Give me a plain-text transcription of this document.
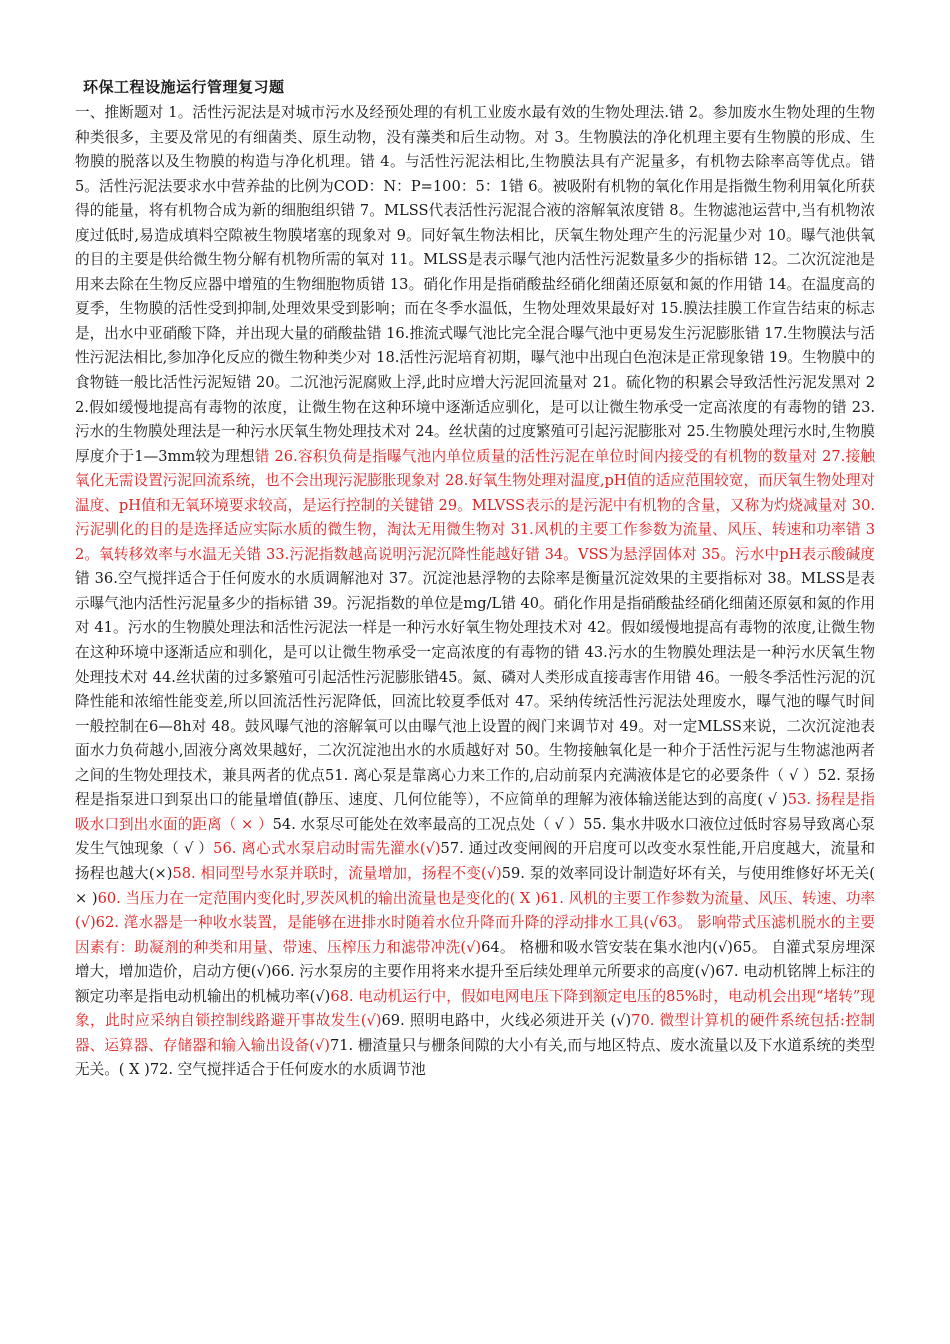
环保工程设施运行管理复习题

一、推断题对 1。活性污泥法是对城市污水及经预处理的有机工业废水最有效的生物处理法.错 2。参加废水生物处理的生物种类很多，主要及常见的有细菌类、原生动物，没有藻类和后生动物。对 3。生物膜法的净化机理主要有生物膜的形成、生物膜的脱落以及生物膜的构造与净化机理。错 4。与活性污泥法相比,生物膜法具有产泥量多，有机物去除率高等优点。错 5。活性污泥法要求水中营养盐的比例为COD：N：P=100：5：1错 6。被吸附有机物的氧化作用是指微生物利用氧化所获得的能量，将有机物合成为新的细胞组织错 7。MLSS代表活性污泥混合液的溶解氧浓度错 8。生物滤池运营中,当有机物浓度过低时,易造成填料空隙被生物膜堵塞的现象对 9。同好氧生物法相比，厌氧生物处理产生的污泥量少对 10。曝气池供氧的目的主要是供给微生物分解有机物所需的氧对 11。MLSS是表示曝气池内活性污泥数量多少的指标错 12。二次沉淀池是用来去除在生物反应器中增殖的生物细胞物质错 13。硝化作用是指硝酸盐经硝化细菌还原氨和氮的作用错 14。在温度高的夏季，生物膜的活性受到抑制,处理效果受到影响；而在冬季水温低，生物处理效果最好对 15.膜法挂膜工作宣告结束的标志是，出水中亚硝酸下降，并出现大量的硝酸盐错 16.推流式曝气池比完全混合曝气池中更易发生污泥膨胀错 17.生物膜法与活性污泥法相比,参加净化反应的微生物种类少对 18.活性污泥培育初期，曝气池中出现白色泡沫是正常现象错 19。生物膜中的食物链一般比活性污泥短错 20。二沉池污泥腐败上浮,此时应增大污泥回流量对 21。硫化物的积累会导致活性污泥发黑对 22.假如缓慢地提高有毒物的浓度，让微生物在这种环境中逐渐适应驯化，是可以让微生物承受一定高浓度的有毒物的错 23.污水的生物膜处理法是一种污水厌氧生物处理技术对 24。丝状菌的过度繁殖可引起污泥膨胀对 25.生物膜处理污水时,生物膜厚度介于1—3mm较为理想错 26.容积负荷是指曝气池内单位质量的活性污泥在单位时间内接受的有机物的数量对 27.接触氧化无需设置污泥回流系统，也不会出现污泥膨胀现象对 28.好氧生物处理对温度,pH值的适应范围较宽，而厌氧生物处理对温度、pH值和无氧环境要求较高，是运行控制的关键错 29。MLVSS表示的是污泥中有机物的含量，又称为灼烧减量对 30.污泥驯化的目的是选择适应实际水质的微生物，淘汰无用微生物对 31.风机的主要工作参数为流量、风压、转速和功率错 32。氧转移效率与水温无关错 33.污泥指数越高说明污泥沉降性能越好错 34。VSS为悬浮固体对 35。污水中pH表示酸碱度错 36.空气搅拌适合于任何废水的水质调解池对 37。沉淀池悬浮物的去除率是衡量沉淀效果的主要指标对 38。MLSS是表示曝气池内活性污泥量多少的指标错 39。污泥指数的单位是mg/L错 40。硝化作用是指硝酸盐经硝化细菌还原氨和氮的作用对 41。污水的生物膜处理法和活性污泥法一样是一种污水好氧生物处理技术对 42。假如缓慢地提高有毒物的浓度,让微生物在这种环境中逐渐适应和驯化，是可以让微生物承受一定高浓度的有毒物的错 43.污水的生物膜处理法是一种污水厌氧生物处理技术对 44.丝状菌的过多繁殖可引起活性污泥膨胀错45。氮、磷对人类形成直接毒害作用错 46。一般冬季活性污泥的沉降性能和浓缩性能变差,所以回流活性污泥降低，回流比较夏季低对 47。采纳传统活性污泥法处理废水，曝气池的曝气时间一般控制在6—8h对 48。鼓风曝气池的溶解氧可以由曝气池上设置的阀门来调节对 49。对一定MLSS来说，二次沉淀池表面水力负荷越小,固液分离效果越好，二次沉淀池出水的水质越好对 50。生物接触氧化是一种介于活性污泥与生物滤池两者之间的生物处理技术，兼具两者的优点51. 离心泵是靠离心力来工作的,启动前泵内充满液体是它的必要条件（ √ ）52. 泵扬程是指泵进口到泵出口的能量增值(静压、速度、几何位能等），不应简单的理解为液体输送能达到的高度( √ )53. 扬程是指吸水口到出水面的距离（ × ）54. 水泵尽可能处在效率最高的工况点处（ √ ）55. 集水井吸水口液位过低时容易导致离心泵发生气蚀现象（ √ ）56. 离心式水泵启动时需先灌水(√)57. 通过改变闸阀的开启度可以改变水泵性能,开启度越大，流量和扬程也越大(×)58. 相同型号水泵并联时，流量增加，扬程不变(√)59. 泵的效率同设计制造好坏有关，与使用维修好坏无关( × )60. 当压力在一定范围内变化时,罗茨风机的输出流量也是变化的( X )61. 风机的主要工作参数为流量、风压、转速、功率(√)62. 滗水器是一种收水装置，是能够在进排水时随着水位升降而升降的浮动排水工具(√63。 影响带式压滤机脱水的主要因素有：助凝剂的种类和用量、带速、压榨压力和滤带冲洗(√)64。 格栅和吸水管安装在集水池内(√)65。 自灌式泵房埋深增大，增加造价，启动方便(√)66. 污水泵房的主要作用将来水提升至后续处理单元所要求的高度(√)67. 电动机铭牌上标注的额定功率是指电动机输出的机械功率(√)68. 电动机运行中，假如电网电压下降到额定电压的85%时，电动机会出现“堵转”现象，此时应采纳自锁控制线路避开事故发生(√)69. 照明电路中，火线必须进开关 (√)70. 微型计算机的硬件系统包括:控制器、运算器、存储器和输入输出设备(√)71. 栅渣量只与栅条间隙的大小有关,而与地区特点、废水流量以及下水道系统的类型无关。( X )72. 空气搅拌适合于任何废水的水质调节池
